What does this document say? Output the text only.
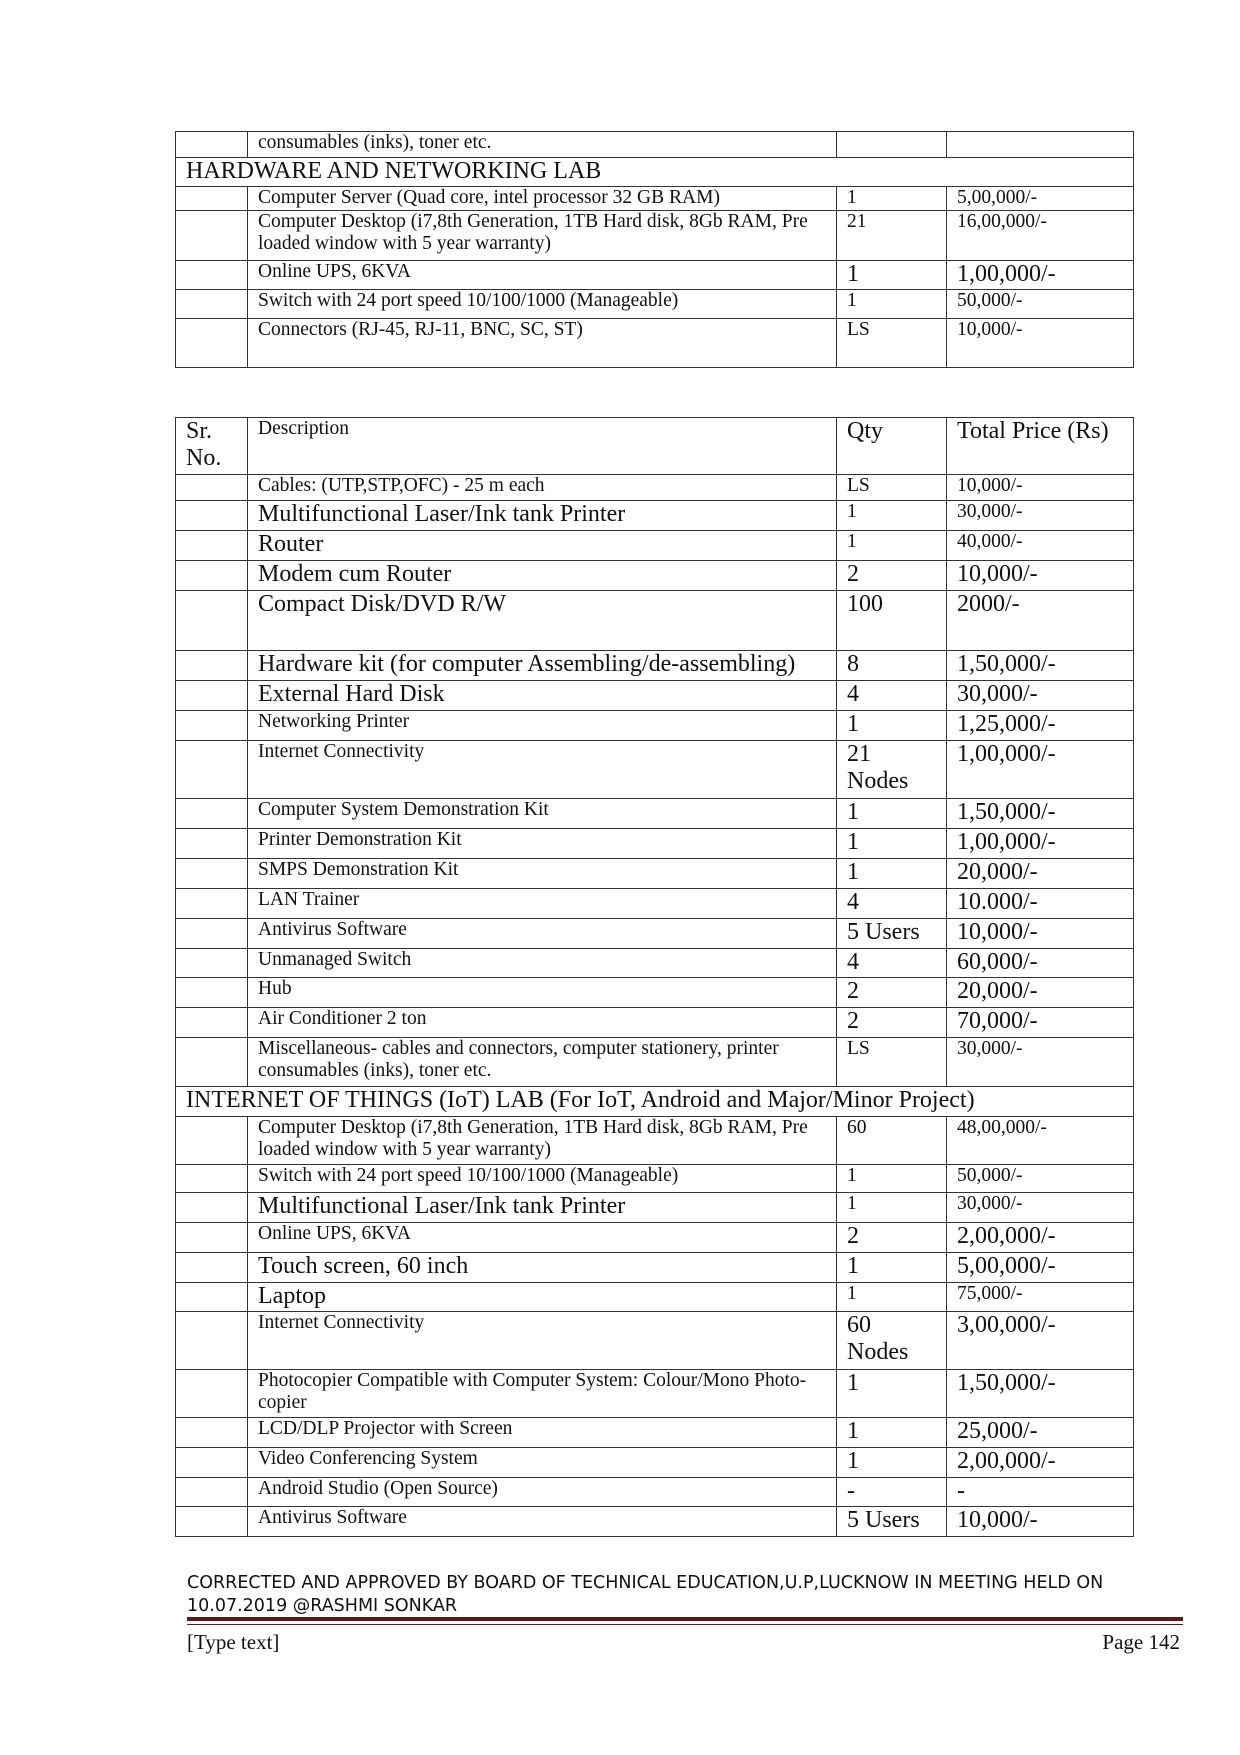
	consumables (inks), toner etc.		
HARDWARE AND NETWORKING LAB			
	Computer Server (Quad core, intel processor 32 GB RAM)	1	5,00,000/-
	Computer Desktop (i7,8th Generation, 1TB Hard disk, 8Gb RAM, Pre loaded window with 5 year warranty)	21	16,00,000/-
	Online UPS, 6KVA	1	1,00,000/-
	Switch with 24 port speed 10/100/1000 (Manageable)	1	50,000/-
	Connectors (RJ-45, RJ-11, BNC, SC, ST)	LS	10,000/-
Sr. No.	Description	Qty	Total Price (Rs)
	Cables: (UTP,STP,OFC) - 25 m each	LS	10,000/-
	Multifunctional Laser/Ink tank Printer	1	30,000/-
	Router	1	40,000/-
	Modem cum Router	2	10,000/-
	Compact Disk/DVD R/W	100	2000/-
	Hardware kit (for computer Assembling/de-assembling)	8	1,50,000/-
	External Hard Disk	4	30,000/-
	Networking Printer	1	1,25,000/-
	Internet Connectivity	21 Nodes	1,00,000/-
	Computer System Demonstration Kit	1	1,50,000/-
	Printer Demonstration Kit	1	1,00,000/-
	SMPS Demonstration Kit	1	20,000/-
	LAN Trainer	4	10.000/-
	Antivirus Software	5 Users	10,000/-
	Unmanaged Switch	4	60,000/-
	Hub	2	20,000/-
	Air Conditioner 2 ton	2	70,000/-
	Miscellaneous- cables and connectors, computer stationery, printer consumables (inks), toner etc.	LS	30,000/-
INTERNET OF THINGS (IoT) LAB (For IoT, Android and Major/Minor Project)			
	Computer Desktop (i7,8th Generation, 1TB Hard disk, 8Gb RAM, Pre loaded window with 5 year warranty)	60	48,00,000/-
	Switch with 24 port speed 10/100/1000 (Manageable)	1	50,000/-
	Multifunctional Laser/Ink tank Printer	1	30,000/-
	Online UPS, 6KVA	2	2,00,000/-
	Touch screen, 60 inch	1	5,00,000/-
	Laptop	1	75,000/-
	Internet Connectivity	60 Nodes	3,00,000/-
	Photocopier Compatible with Computer System: Colour/Mono Photo-copier	1	1,50,000/-
	LCD/DLP Projector with Screen	1	25,000/-
	Video Conferencing System	1	2,00,000/-
	Android Studio (Open Source)	-	-
	Antivirus Software	5 Users	10,000/-
CORRECTED AND APPROVED BY BOARD OF TECHNICAL EDUCATION,U.P,LUCKNOW IN MEETING HELD ON 10.07.2019 @RASHMI SONKAR
[Type text]	Page 142
